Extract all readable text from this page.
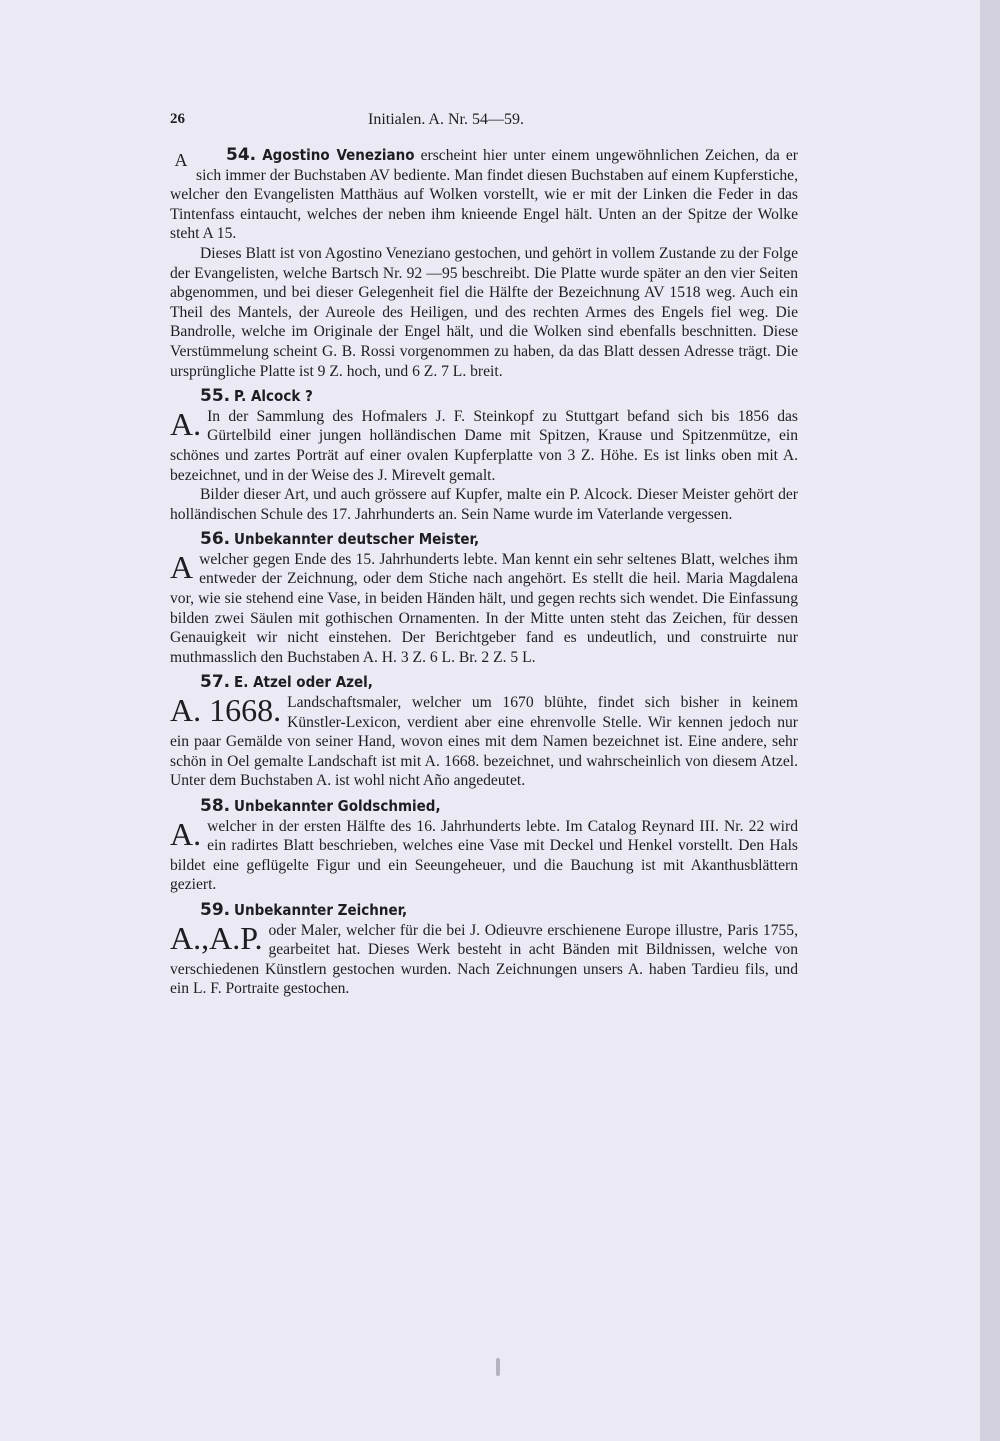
26	Initialen. A. Nr. 54—59.
A	54. Agostino Veneziano erscheint hier unter einem ungewöhnlichen Zeichen, da er sich immer der Buchstaben AV bediente. Man findet diesen Buchstaben auf einem Kupferstiche, welcher den Evangelisten Matthäus auf Wolken vorstellt, wie er mit der Linken die Feder in das Tintenfass eintaucht, welches der neben ihm knieende Engel hält. Unten an der Spitze der Wolke steht A 15.

Dieses Blatt ist von Agostino Veneziano gestochen, und gehört in vollem Zustande zu der Folge der Evangelisten, welche Bartsch Nr. 92 —95 beschreibt. Die Platte wurde später an den vier Seiten abgenommen, und bei dieser Gelegenheit fiel die Hälfte der Bezeichnung AV 1518 weg. Auch ein Theil des Mantels, der Aureole des Heiligen, und des rechten Armes des Engels fiel weg. Die Bandrolle, welche im Originale der Engel hält, und die Wolken sind ebenfalls beschnitten. Diese Verstümmelung scheint G. B. Rossi vorgenommen zu haben, da das Blatt dessen Adresse trägt. Die ursprüngliche Platte ist 9 Z. hoch, und 6 Z. 7 L. breit.

55. P. Alcock ?

A. In der Sammlung des Hofmalers J. F. Steinkopf zu Stuttgart befand sich bis 1856 das Gürtelbild einer jungen holländischen Dame mit Spitzen, Krause und Spitzenmütze, ein schönes und zartes Porträt auf einer ovalen Kupferplatte von 3 Z. Höhe. Es ist links oben mit A. bezeichnet, und in der Weise des J. Mirevelt gemalt.

Bilder dieser Art, und auch grössere auf Kupfer, malte ein P. Alcock. Dieser Meister gehört der holländischen Schule des 17. Jahrhunderts an. Sein Name wurde im Vaterlande vergessen.

56. Unbekannter deutscher Meister,

A welcher gegen Ende des 15. Jahrhunderts lebte. Man kennt ein sehr seltenes Blatt, welches ihm entweder der Zeichnung, oder dem Stiche nach angehört. Es stellt die heil. Maria Magdalena vor, wie sie stehend eine Vase, in beiden Händen hält, und gegen rechts sich wendet. Die Einfassung bilden zwei Säulen mit gothischen Ornamenten. In der Mitte unten steht das Zeichen, für dessen Genauigkeit wir nicht einstehen. Der Berichtgeber fand es undeutlich, und construirte nur muthmasslich den Buchstaben A. H. 3 Z. 6 L. Br. 2 Z. 5 L.

57. E. Atzel oder Azel,

A. 1668. Landschaftsmaler, welcher um 1670 blühte, findet sich bisher in keinem Künstler-Lexicon, verdient aber eine ehrenvolle Stelle. Wir kennen jedoch nur ein paar Gemälde von seiner Hand, wovon eines mit dem Namen bezeichnet ist. Eine andere, sehr schön in Oel gemalte Landschaft ist mit A. 1668. bezeichnet, und wahrscheinlich von diesem Atzel. Unter dem Buchstaben A. ist wohl nicht Año angedeutet.

58. Unbekannter Goldschmied,

A. welcher in der ersten Hälfte des 16. Jahrhunderts lebte. Im Catalog Reynard III. Nr. 22 wird ein radirtes Blatt beschrieben, welches eine Vase mit Deckel und Henkel vorstellt. Den Hals bildet eine geflügelte Figur und ein Seeungeheuer, und die Bauchung ist mit Akanthusblättern geziert.

59. Unbekannter Zeichner,

A.,A.P. oder Maler, welcher für die bei J. Odieuvre erschienene Europe illustre, Paris 1755, gearbeitet hat. Dieses Werk besteht in acht Bänden mit Bildnissen, welche von verschiedenen Künstlern gestochen wurden. Nach Zeichnungen unsers A. haben Tardieu fils, und ein L. F. Portraite gestochen.
